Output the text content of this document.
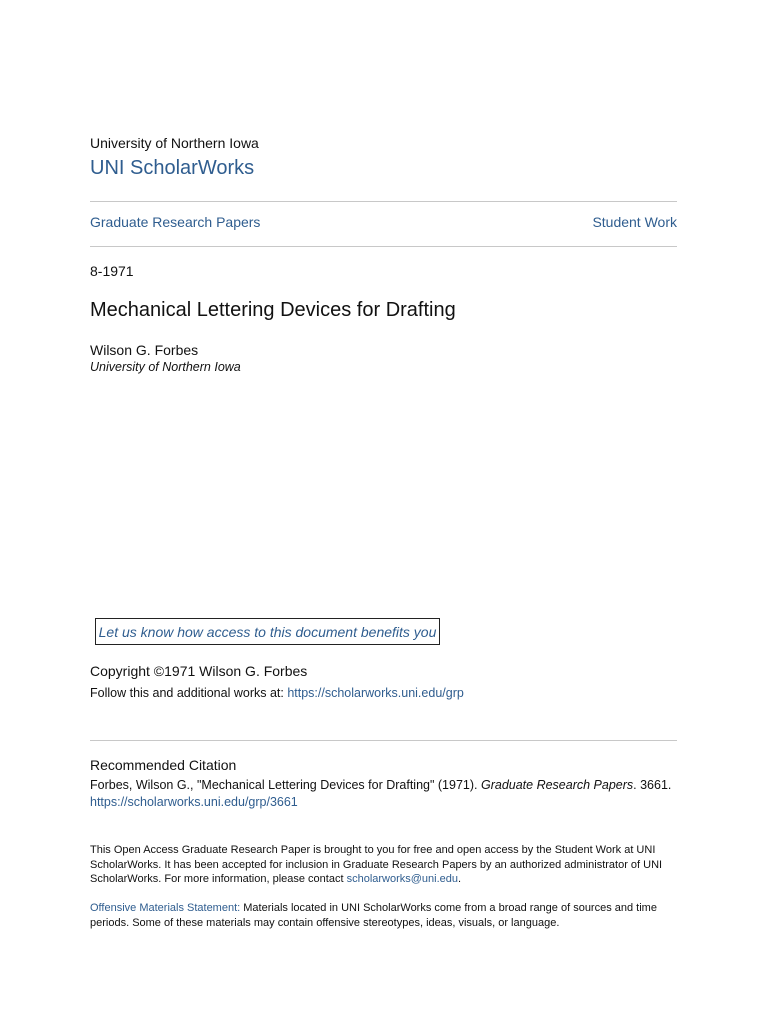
University of Northern Iowa
UNI ScholarWorks
Graduate Research Papers	Student Work
8-1971
Mechanical Lettering Devices for Drafting
Wilson G. Forbes
University of Northern Iowa
Let us know how access to this document benefits you
Copyright ©1971 Wilson G. Forbes
Follow this and additional works at: https://scholarworks.uni.edu/grp
Recommended Citation
Forbes, Wilson G., "Mechanical Lettering Devices for Drafting" (1971). Graduate Research Papers. 3661.
https://scholarworks.uni.edu/grp/3661
This Open Access Graduate Research Paper is brought to you for free and open access by the Student Work at UNI ScholarWorks. It has been accepted for inclusion in Graduate Research Papers by an authorized administrator of UNI ScholarWorks. For more information, please contact scholarworks@uni.edu.
Offensive Materials Statement: Materials located in UNI ScholarWorks come from a broad range of sources and time periods. Some of these materials may contain offensive stereotypes, ideas, visuals, or language.
